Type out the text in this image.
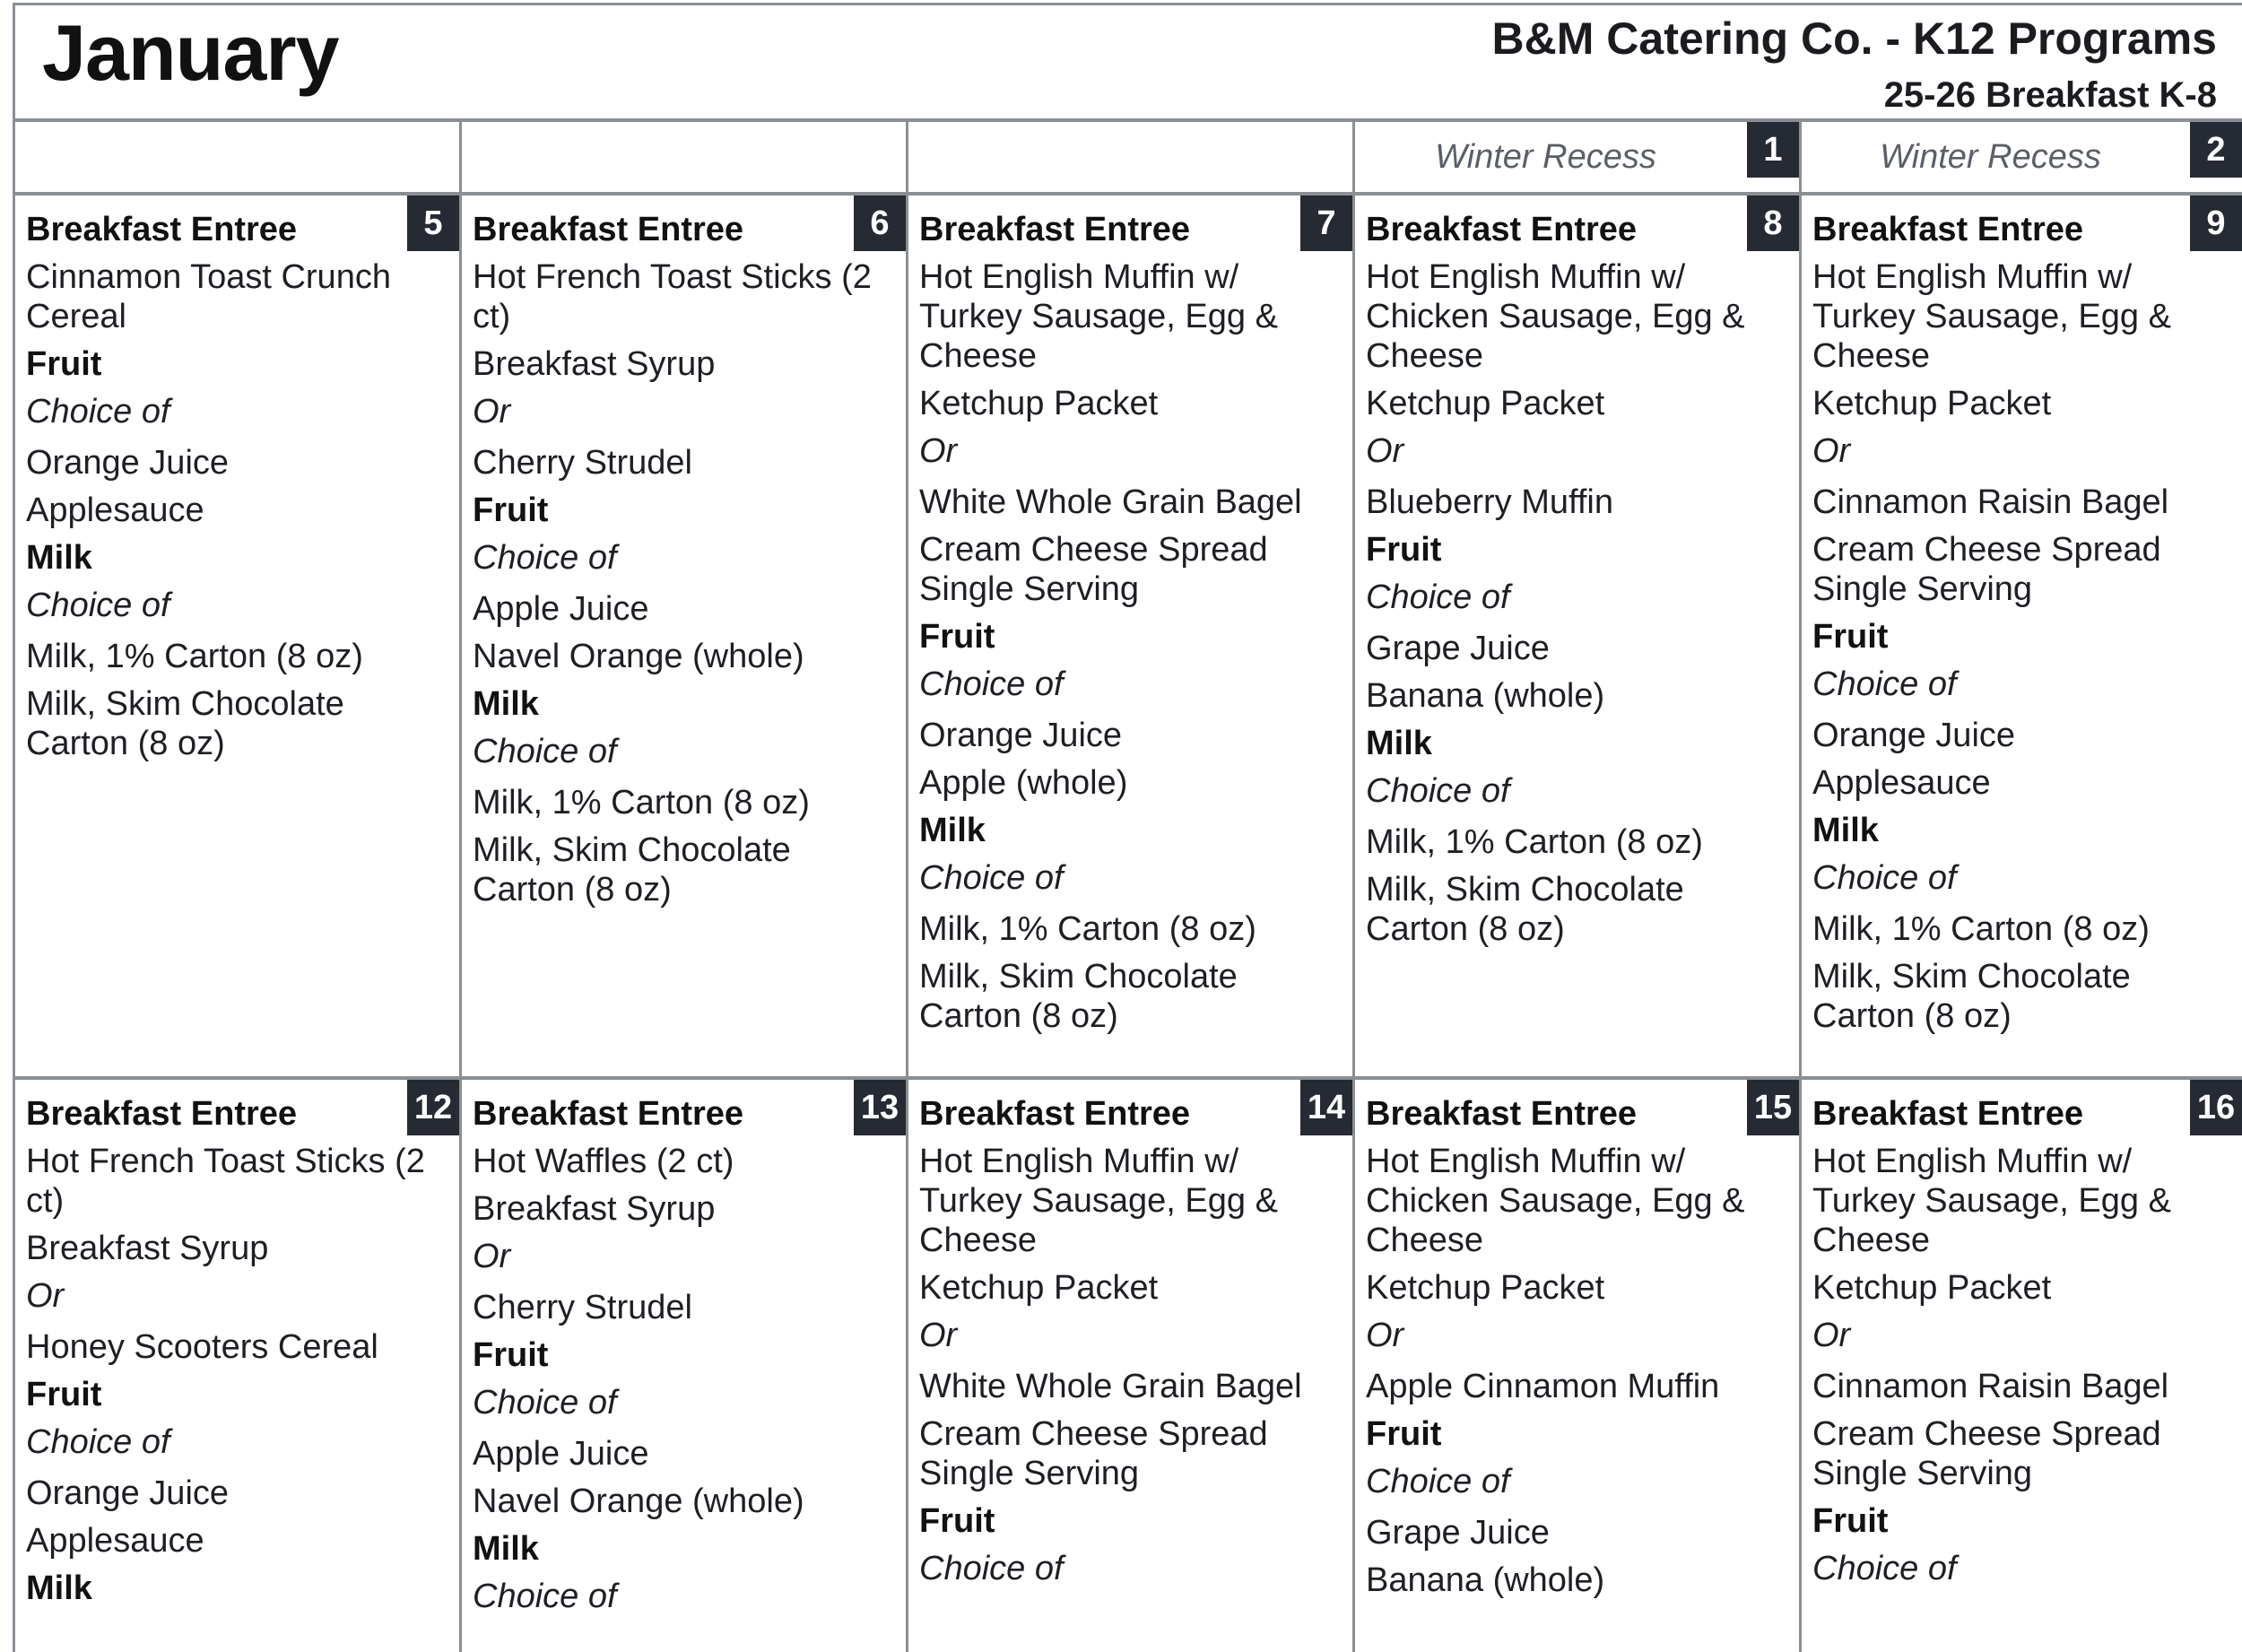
January	B&M Catering Co. - K12 Programs
25-26 Breakfast K-8
1
Winter Recess	2
Winter Recess
5
Breakfast Entree
Cinnamon Toast Crunch Cereal
Fruit
Choice of
Orange Juice
Applesauce
Milk
Choice of
Milk, 1% Carton (8 oz)
Milk, Skim Chocolate Carton (8 oz)
6
Breakfast Entree
Hot French Toast Sticks (2 ct)
Breakfast Syrup
Or
Cherry Strudel
Fruit
Choice of
Apple Juice
Navel Orange (whole)
Milk
Choice of
Milk, 1% Carton (8 oz)
Milk, Skim Chocolate Carton (8 oz)
7
Breakfast Entree
Hot English Muffin w/ Turkey Sausage, Egg & Cheese
Ketchup Packet
Or
White Whole Grain Bagel
Cream Cheese Spread Single Serving
Fruit
Choice of
Orange Juice
Apple (whole)
Milk
Choice of
Milk, 1% Carton (8 oz)
Milk, Skim Chocolate Carton (8 oz)
8
Breakfast Entree
Hot English Muffin w/ Chicken Sausage, Egg & Cheese
Ketchup Packet
Or
Blueberry Muffin
Fruit
Choice of
Grape Juice
Banana (whole)
Milk
Choice of
Milk, 1% Carton (8 oz)
Milk, Skim Chocolate Carton (8 oz)
9
Breakfast Entree
Hot English Muffin w/ Turkey Sausage, Egg & Cheese
Ketchup Packet
Or
Cinnamon Raisin Bagel
Cream Cheese Spread Single Serving
Fruit
Choice of
Orange Juice
Applesauce
Milk
Choice of
Milk, 1% Carton (8 oz)
Milk, Skim Chocolate Carton (8 oz)
12
Breakfast Entree
Hot French Toast Sticks (2 ct)
Breakfast Syrup
Or
Honey Scooters Cereal
Fruit
Choice of
Orange Juice
Applesauce
Milk
13
Breakfast Entree
Hot Waffles (2 ct)
Breakfast Syrup
Or
Cherry Strudel
Fruit
Choice of
Apple Juice
Navel Orange (whole)
Milk
Choice of
14
Breakfast Entree
Hot English Muffin w/ Turkey Sausage, Egg & Cheese
Ketchup Packet
Or
White Whole Grain Bagel
Cream Cheese Spread Single Serving
Fruit
Choice of
15
Breakfast Entree
Hot English Muffin w/ Chicken Sausage, Egg & Cheese
Ketchup Packet
Or
Apple Cinnamon Muffin
Fruit
Choice of
Grape Juice
Banana (whole)
16
Breakfast Entree
Hot English Muffin w/ Turkey Sausage, Egg & Cheese
Ketchup Packet
Or
Cinnamon Raisin Bagel
Cream Cheese Spread Single Serving
Fruit
Choice of
